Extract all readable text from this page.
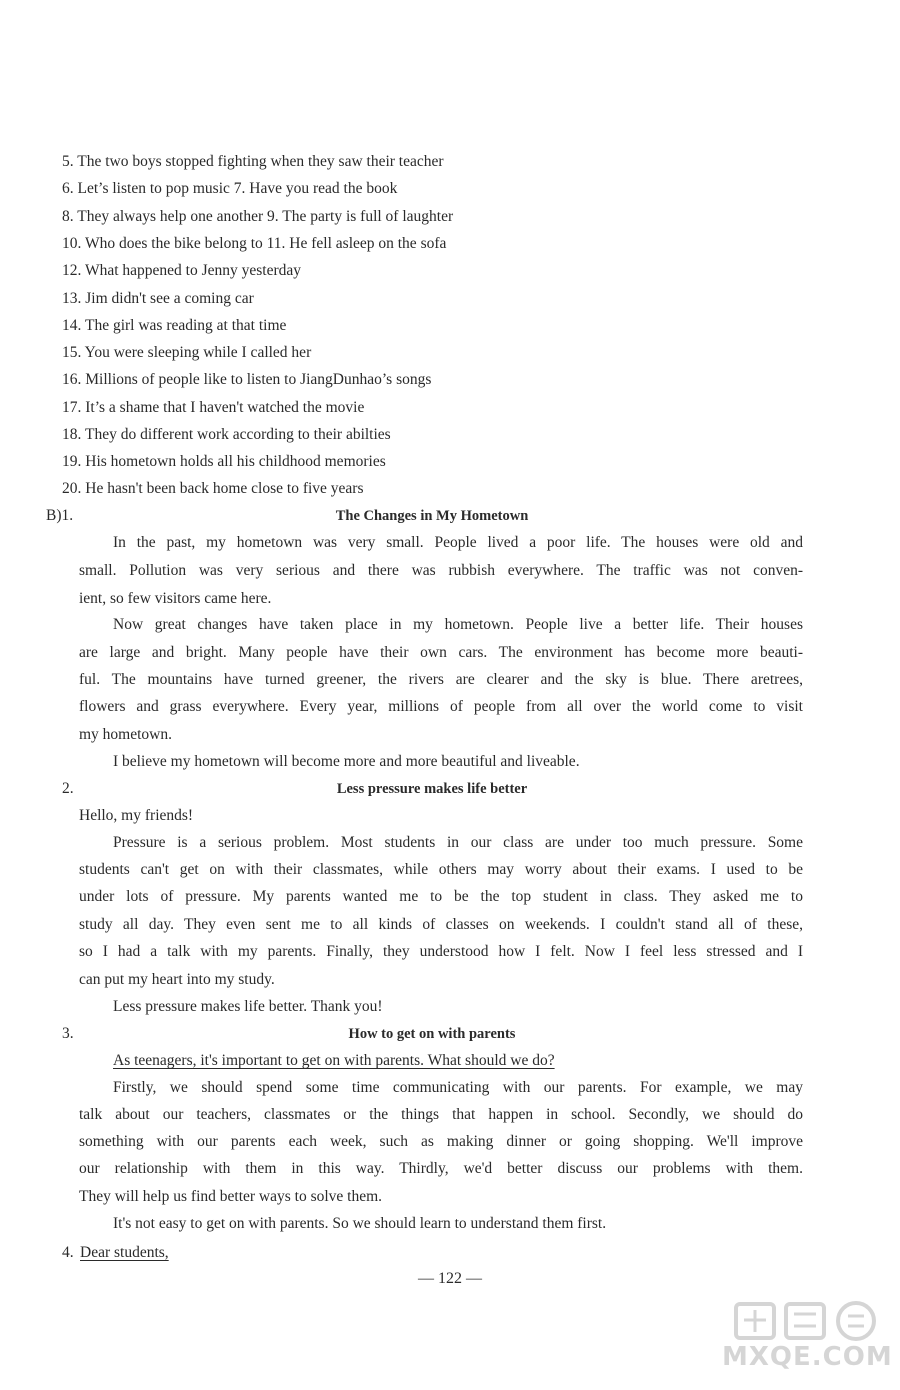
5. The two boys stopped fighting when they saw their teacher
6. Let’s listen to pop music 7. Have you read the book
8. They always help one another 9. The party is full of laughter
10. Who does the bike belong to 11. He fell asleep on the sofa
12. What happened to Jenny yesterday
13. Jim didn't see a coming car
14. The girl was reading at that time
15. You were sleeping while I called her
16. Millions of people like to listen to JiangDunhao’s songs
17. It’s a shame that I haven't watched the movie
18. They do different work according to their abilties
19. His hometown holds all his childhood memories
20. He hasn't been back home close to five years
B)1.	The Changes in My Hometown
In the past, my hometown was very small. People lived a poor life. The houses were old and
small. Pollution was very serious and there was rubbish everywhere. The traffic was not conven-
ient, so few visitors came here.
Now great changes have taken place in my hometown. People live a better life. Their houses
are large and bright. Many people have their own cars. The environment has become more beauti-
ful. The mountains have turned greener, the rivers are clearer and the sky is blue. There aretrees,
flowers and grass everywhere. Every year, millions of people from all over the world come to visit
my hometown.
I believe my hometown will become more and more beautiful and liveable.
2.	Less pressure makes life better
Hello, my friends!
Pressure is a serious problem. Most students in our class are under too much pressure. Some
students can't get on with their classmates, while others may worry about their exams. I used to be
under lots of pressure. My parents wanted me to be the top student in class. They asked me to
study all day. They even sent me to all kinds of classes on weekends. I couldn't stand all of these,
so I had a talk with my parents. Finally, they understood how I felt. Now I feel less stressed and I
can put my heart into my study.
Less pressure makes life better. Thank you!
3.	How to get on with parents
As teenagers, it's important to get on with parents. What should we do?
Firstly, we should spend some time communicating with our parents. For example, we may
talk about our teachers, classmates or the things that happen in school. Secondly, we should do
something with our parents each week, such as making dinner or going shopping. We'll improve
our relationship with them in this way. Thirdly, we'd better discuss our problems with them.
They will help us find better ways to solve them.
It's not easy to get on with parents. So we should learn to understand them first.
4. Dear students,
— 122 —
MXQE.COM
